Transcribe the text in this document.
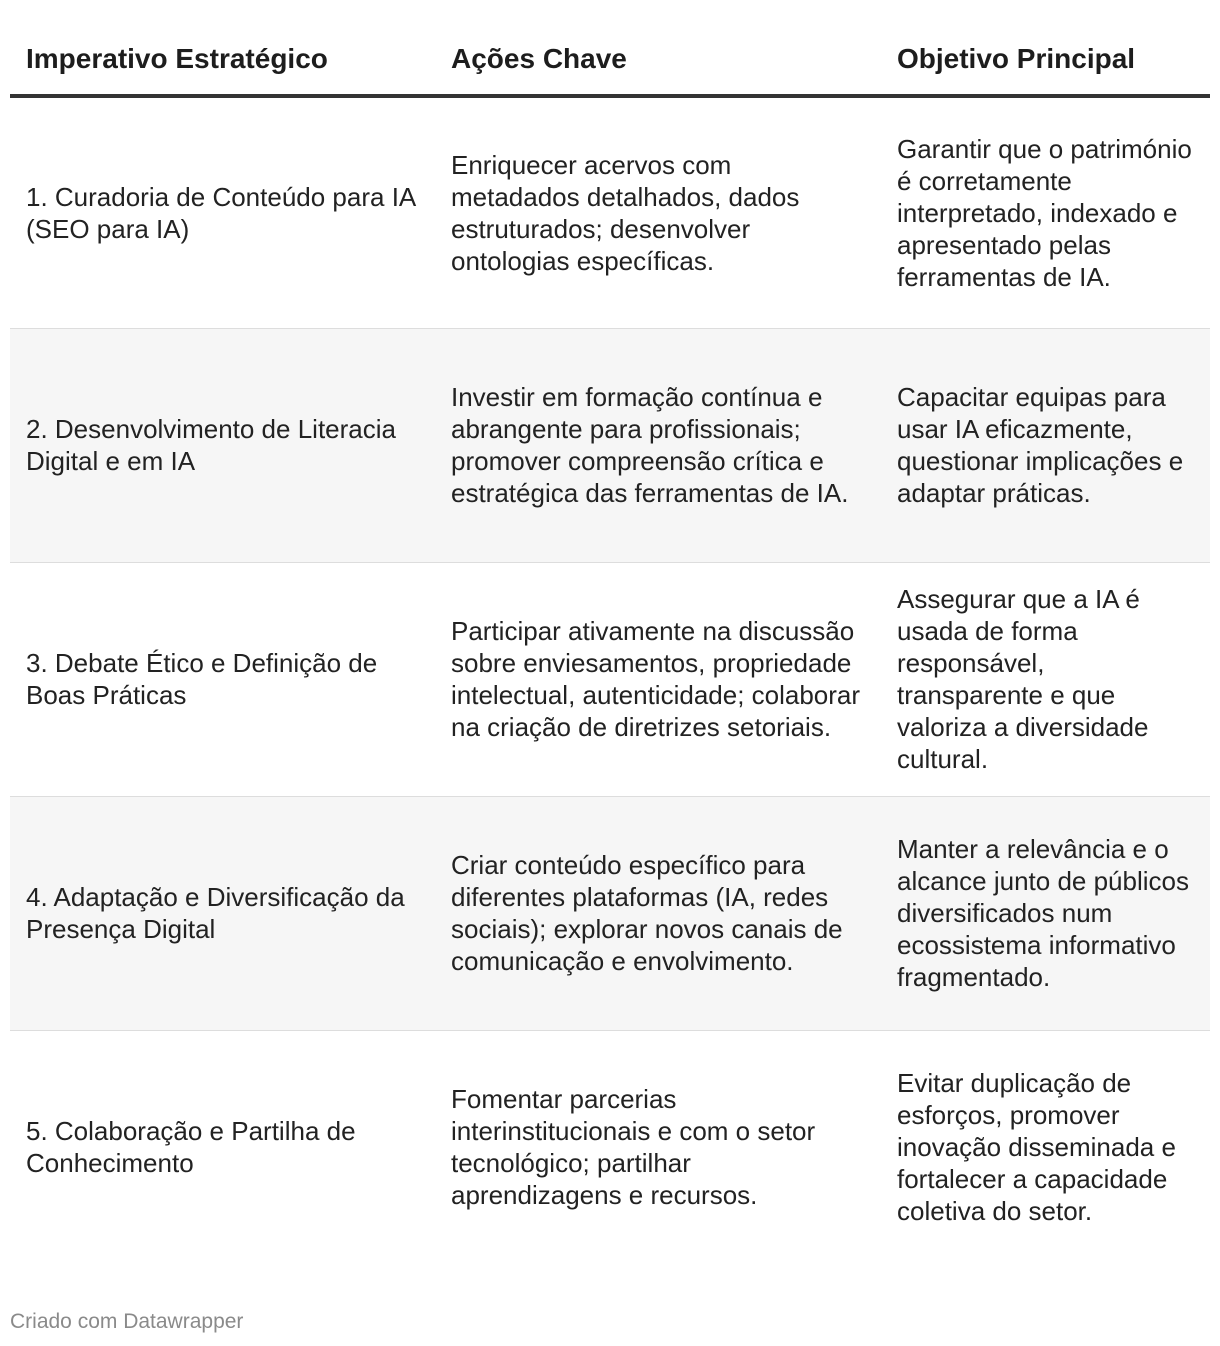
Imperativo Estratégico	Ações Chave	Objetivo Principal
1. Curadoria de Conteúdo para IA (SEO para IA)	Enriquecer acervos com metadados detalhados, dados estruturados; desenvolver ontologias específicas.	Garantir que o património é corretamente interpretado, indexado e apresentado pelas ferramentas de IA.
2. Desenvolvimento de Literacia Digital e em IA	Investir em formação contínua e abrangente para profissionais; promover compreensão crítica e estratégica das ferramentas de IA.	Capacitar equipas para usar IA eficazmente, questionar implicações e adaptar práticas.
3. Debate Ético e Definição de Boas Práticas	Participar ativamente na discussão sobre enviesamentos, propriedade intelectual, autenticidade; colaborar na criação de diretrizes setoriais.	Assegurar que a IA é usada de forma responsável, transparente e que valoriza a diversidade cultural.
4. Adaptação e Diversificação da Presença Digital	Criar conteúdo específico para diferentes plataformas (IA, redes sociais); explorar novos canais de comunicação e envolvimento.	Manter a relevância e o alcance junto de públicos diversificados num ecossistema informativo fragmentado.
5. Colaboração e Partilha de Conhecimento	Fomentar parcerias interinstitucionais e com o setor tecnológico; partilhar aprendizagens e recursos.	Evitar duplicação de esforços, promover inovação disseminada e fortalecer a capacidade coletiva do setor.
Criado com Datawrapper
